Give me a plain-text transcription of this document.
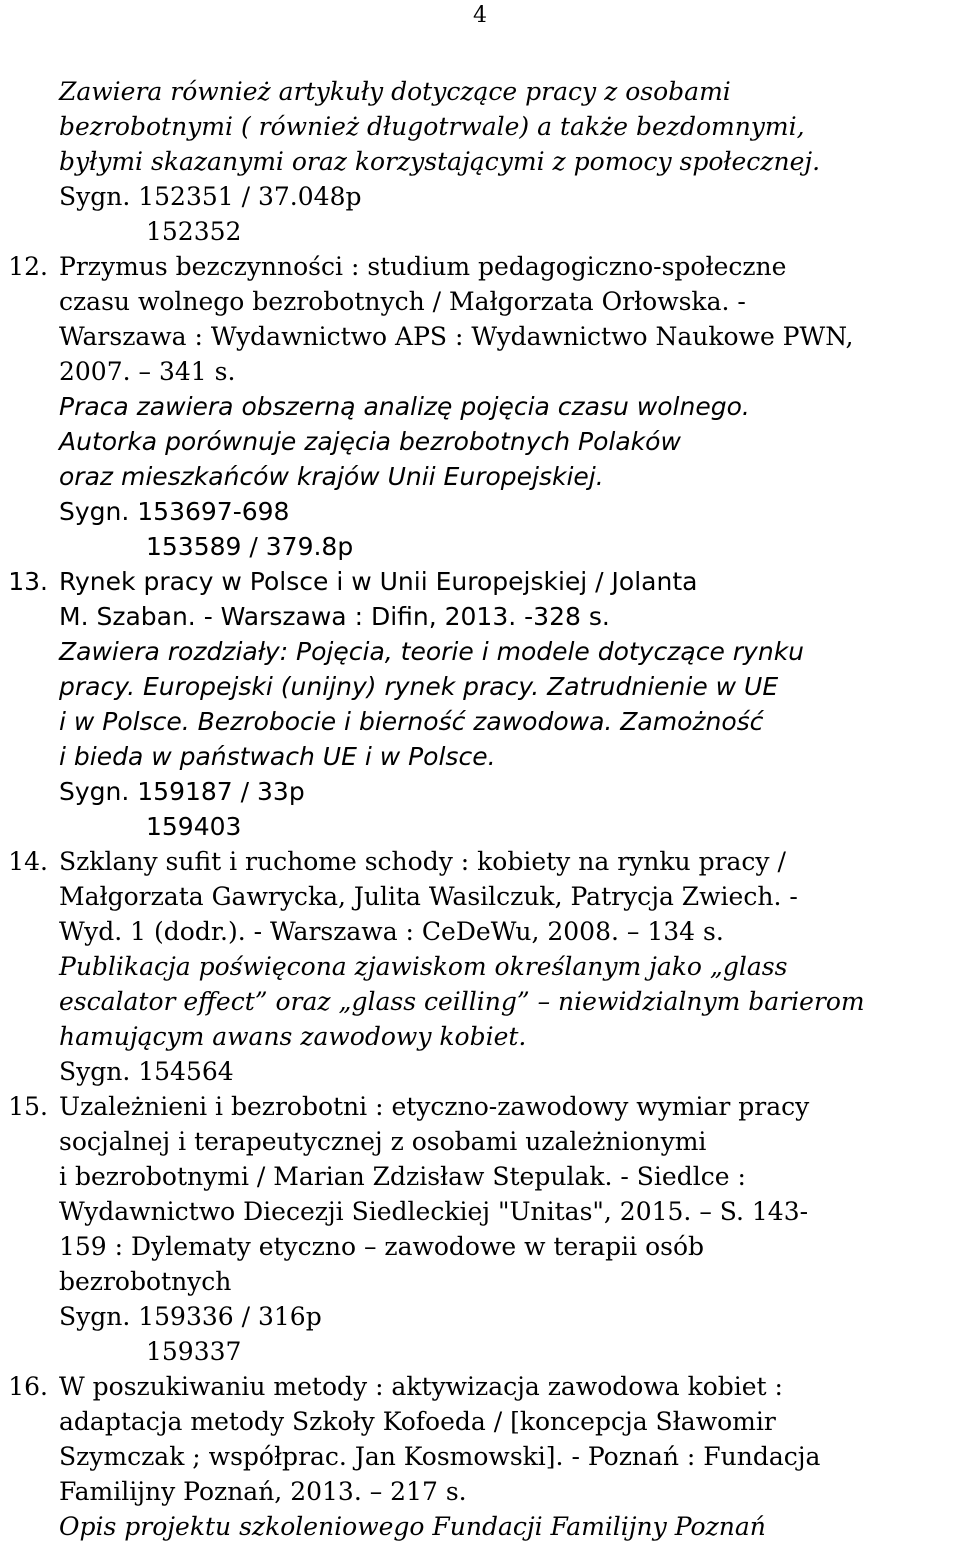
4
Zawiera również artykuły dotyczące pracy z osobami
bezrobotnymi ( również długotrwale) a także bezdomnymi,
byłymi skazanymi oraz korzystającymi z pomocy społecznej.
Sygn. 152351 / 37.048p
152352
12. Przymus bezczynności : studium pedagogiczno-społeczne
czasu wolnego bezrobotnych / Małgorzata Orłowska. -
Warszawa : Wydawnictwo APS : Wydawnictwo Naukowe PWN,
2007. – 341 s.
Praca zawiera obszerną analizę pojęcia czasu wolnego.
Autorka porównuje zajęcia bezrobotnych Polaków
oraz mieszkańców krajów Unii Europejskiej.
Sygn. 153697-698
153589 / 379.8p
13. Rynek pracy w Polsce i w Unii Europejskiej / Jolanta
M. Szaban. - Warszawa : Difin, 2013. -328 s.
Zawiera rozdziały: Pojęcia, teorie i modele dotyczące rynku
pracy. Europejski (unijny) rynek pracy. Zatrudnienie w UE
i w Polsce. Bezrobocie i bierność zawodowa. Zamożność
i bieda w państwach UE i w Polsce.
Sygn. 159187 / 33p
159403
14. Szklany sufit i ruchome schody : kobiety na rynku pracy /
Małgorzata Gawrycka, Julita Wasilczuk, Patrycja Zwiech. -
Wyd. 1 (dodr.). - Warszawa : CeDeWu, 2008. – 134 s.
Publikacja poświęcona zjawiskom określanym jako „glass
escalator effect” oraz „glass ceilling” – niewidzialnym barierom
hamującym awans zawodowy kobiet.
Sygn. 154564
15. Uzależnieni i bezrobotni : etyczno-zawodowy wymiar pracy
socjalnej i terapeutycznej z osobami uzależnionymi
i bezrobotnymi / Marian Zdzisław Stepulak. - Siedlce :
Wydawnictwo Diecezji Siedleckiej "Unitas", 2015. – S. 143-
159 : Dylematy etyczno – zawodowe w terapii osób
bezrobotnych
Sygn. 159336 / 316p
159337
16. W poszukiwaniu metody : aktywizacja zawodowa kobiet :
adaptacja metody Szkoły Kofoeda / [koncepcja Sławomir
Szymczak ; współprac. Jan Kosmowski]. - Poznań : Fundacja
Familijny Poznań, 2013. – 217 s.
Opis projektu szkoleniowego Fundacji Familijny Poznań
